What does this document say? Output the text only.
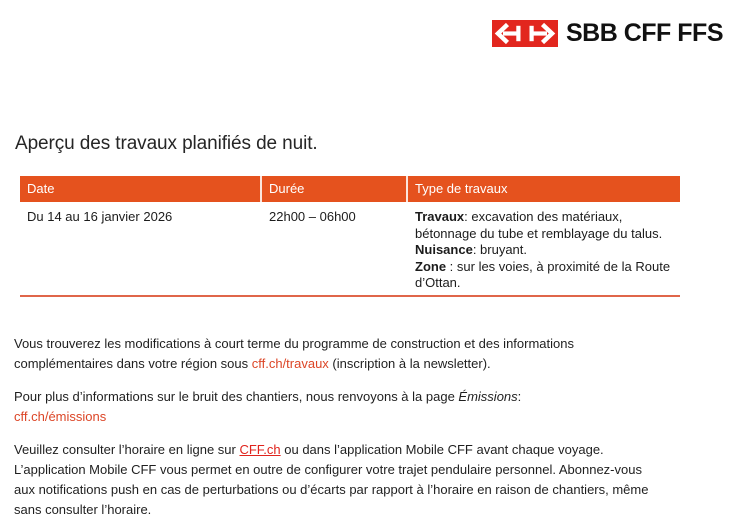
SBB CFF FFS
Aperçu des travaux planifiés de nuit.
Date	Durée	Type de travaux
Du 14 au 16 janvier 2026	22h00 – 06h00	Travaux: excavation des matériaux,
bétonnage du tube et remblayage du talus.
Nuisance: bruyant.
Zone : sur les voies, à proximité de la Route
d’Ottan.

Vous trouverez les modifications à court terme du programme de construction et des informations
complémentaires dans votre région sous cff.ch/travaux (inscription à la newsletter).

Pour plus d’informations sur le bruit des chantiers, nous renvoyons à la page Émissions:
cff.ch/émissions

Veuillez consulter l’horaire en ligne sur CFF.ch ou dans l’application Mobile CFF avant chaque voyage.
L’application Mobile CFF vous permet en outre de configurer votre trajet pendulaire personnel. Abonnez-vous
aux notifications push en cas de perturbations ou d’écarts par rapport à l’horaire en raison de chantiers, même
sans consulter l’horaire.
